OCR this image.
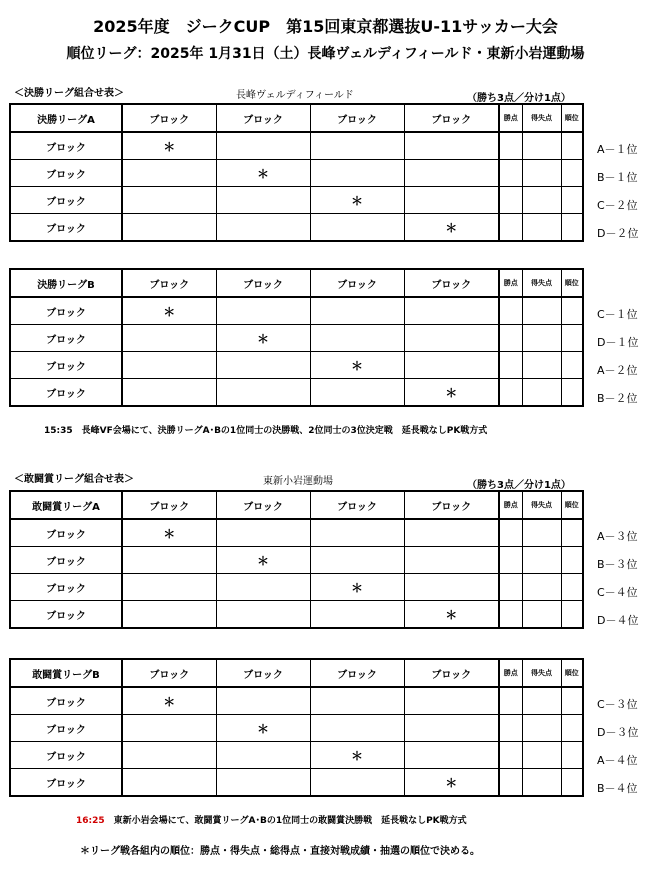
2025年度　ジークCUP　第15回東京都選抜U-11サッカー大会
順位リーグ：2025年 1月31日（土）長峰ヴェルディフィールド・東新小岩運動場
＜決勝リーグ組合せ表＞	長峰ヴェルディフィールド	（勝ち3点／分け1点）
A－１位
B－１位
C－２位
D－２位
決勝リーグA	ブロック	ブロック	ブロック	ブロック	勝点	得失点	順位
ブロック	＊						
ブロック		＊					
ブロック			＊				
ブロック				＊			
C－１位
D－１位
A－２位
B－２位
決勝リーグB	ブロック	ブロック	ブロック	ブロック	勝点	得失点	順位
ブロック	＊						
ブロック		＊					
ブロック			＊				
ブロック				＊			
A－３位
B－３位
C－４位
D－４位
敢闘賞リーグA	ブロック	ブロック	ブロック	ブロック	勝点	得失点	順位
ブロック	＊						
ブロック		＊					
ブロック			＊				
ブロック				＊			
C－３位
D－３位
A－４位
B－４位
敢闘賞リーグB	ブロック	ブロック	ブロック	ブロック	勝点	得失点	順位
ブロック	＊						
ブロック		＊					
ブロック			＊				
ブロック				＊			
15:35　 長峰VF会場にて、決勝リーグA･Bの1位同士の決勝戦、2位同士の3位決定戦　延長戦なしPK戦方式
＜敢闘賞リーグ組合せ表＞	東新小岩運動場	（勝ち3点／分け1点）
16:25　 東新小岩会場にて、敢闘賞リーグA･Bの1位同士の敢闘賞決勝戦　延長戦なしPK戦方式
＊リーグ戦各組内の順位：勝点・得失点・総得点・直接対戦成績・抽選の順位で決める。
